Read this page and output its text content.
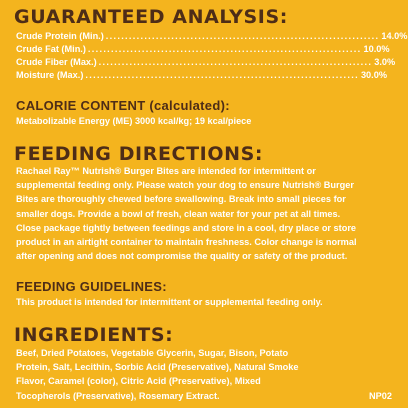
GUARANTEED ANALYSIS:
Crude Protein (Min.) ....................................................................... 14.0%
Crude Fat (Min.) ....................................................................... 10.0%
Crude Fiber (Max.) ....................................................................... 3.0%
Moisture (Max.) ....................................................................... 30.0%
CALORIE CONTENT (calculated):
Metabolizable Energy (ME) 3000 kcal/kg; 19 kcal/piece
FEEDING DIRECTIONS:
Rachael Ray™ Nutrish® Burger Bites are intended for intermittent or
supplemental feeding only. Please watch your dog to ensure Nutrish® Burger
Bites are thoroughly chewed before swallowing. Break into small pieces for
smaller dogs. Provide a bowl of fresh, clean water for your pet at all times.
Close package tightly between feedings and store in a cool, dry place or store
product in an airtight container to maintain freshness. Color change is normal
after opening and does not compromise the quality or safety of the product.
FEEDING GUIDELINES:
This product is intended for intermittent or supplemental feeding only.
INGREDIENTS:
Beef, Dried Potatoes, Vegetable Glycerin, Sugar, Bison, Potato
Protein, Salt, Lecithin, Sorbic Acid (Preservative), Natural Smoke
Flavor, Caramel (color), Citric Acid (Preservative), Mixed
Tocopherols (Preservative), Rosemary Extract.	NP02
